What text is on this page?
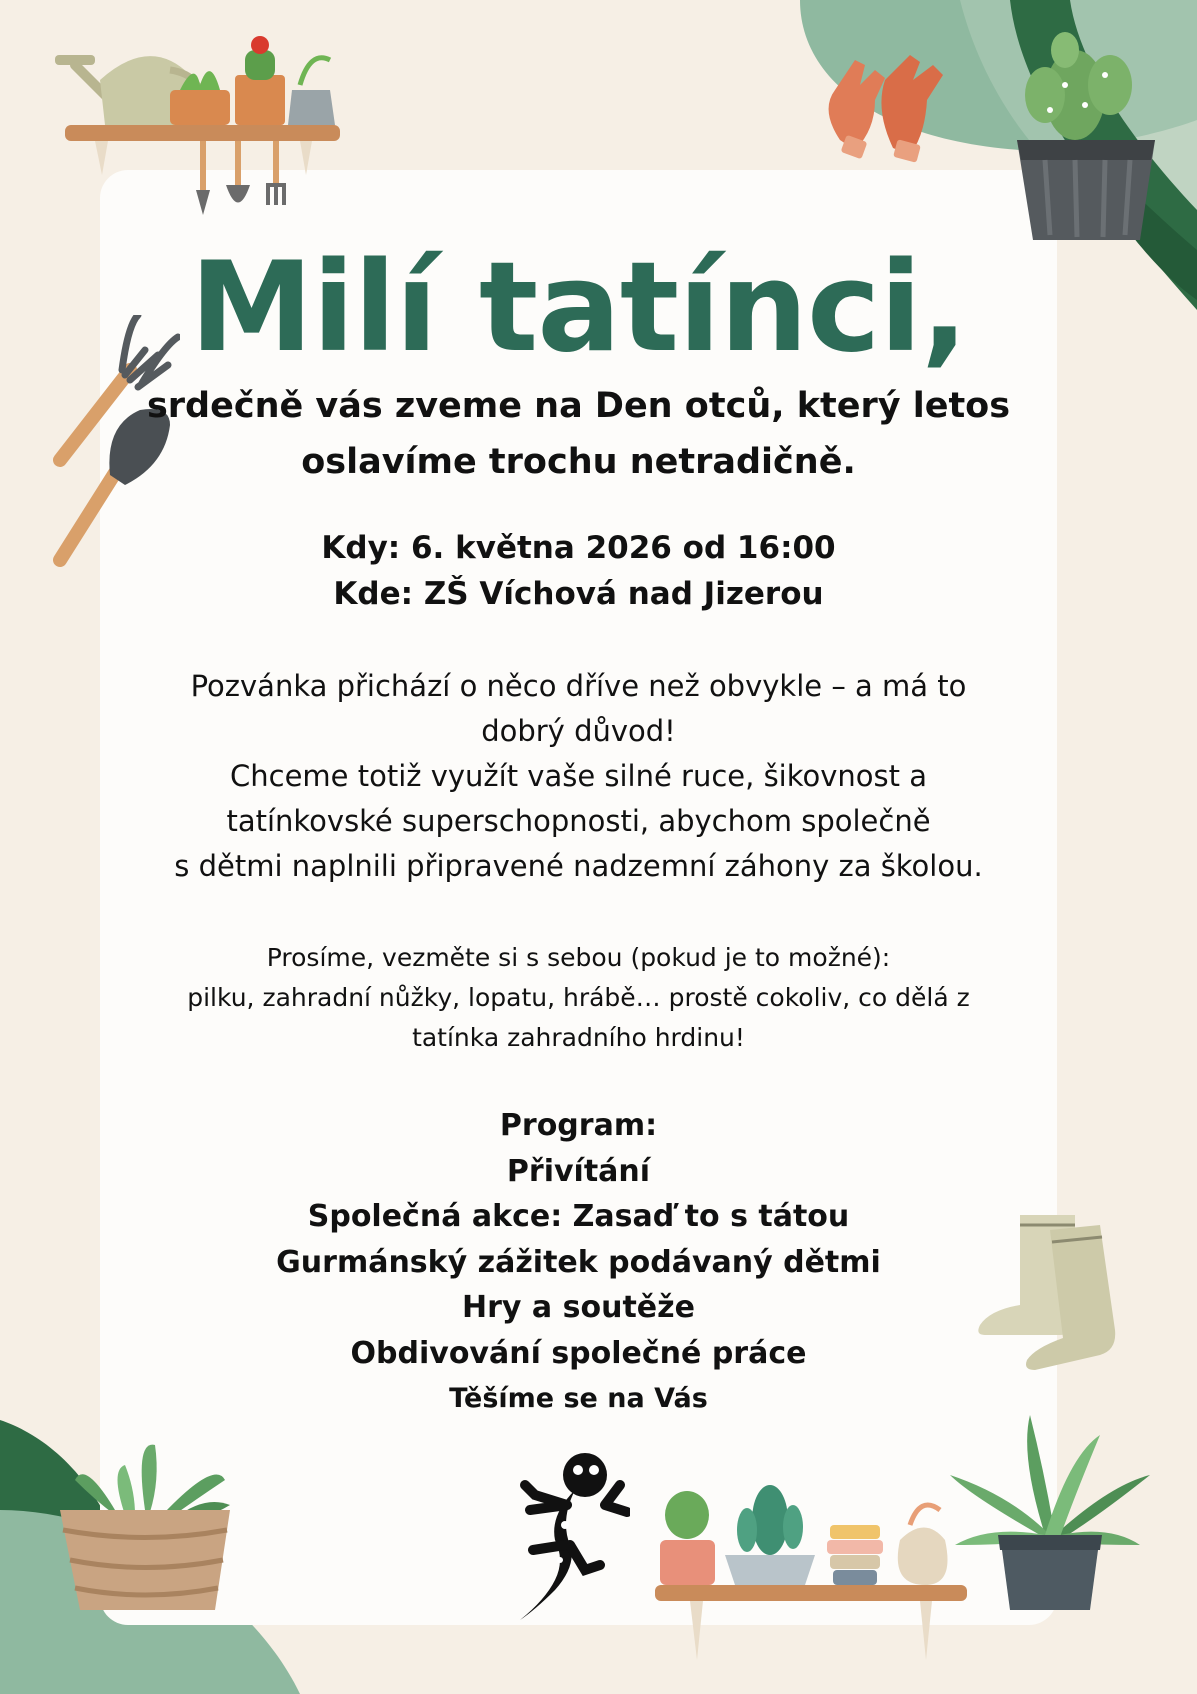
Milí tatínci,
srdečně vás zveme na Den otců, který letos
oslavíme trochu netradičně.
Kdy: 6. května 2026 od 16:00
Kde: ZŠ Víchová nad Jizerou
Pozvánka přichází o něco dříve než obvykle – a má to
dobrý důvod!
Chceme totiž využít vaše silné ruce, šikovnost a
tatínkovské superschopnosti, abychom společně
s dětmi naplnili připravené nadzemní záhony za školou.
Prosíme, vezměte si s sebou (pokud je to možné):
pilku, zahradní nůžky, lopatu, hrábě… prostě cokoliv, co dělá z
tatínka zahradního hrdinu!
Program:
Přivítání
Společná akce: Zasaď to s tátou
Gurmánský zážitek podávaný dětmi
Hry a soutěže
Obdivování společné práce
Těšíme se na Vás
